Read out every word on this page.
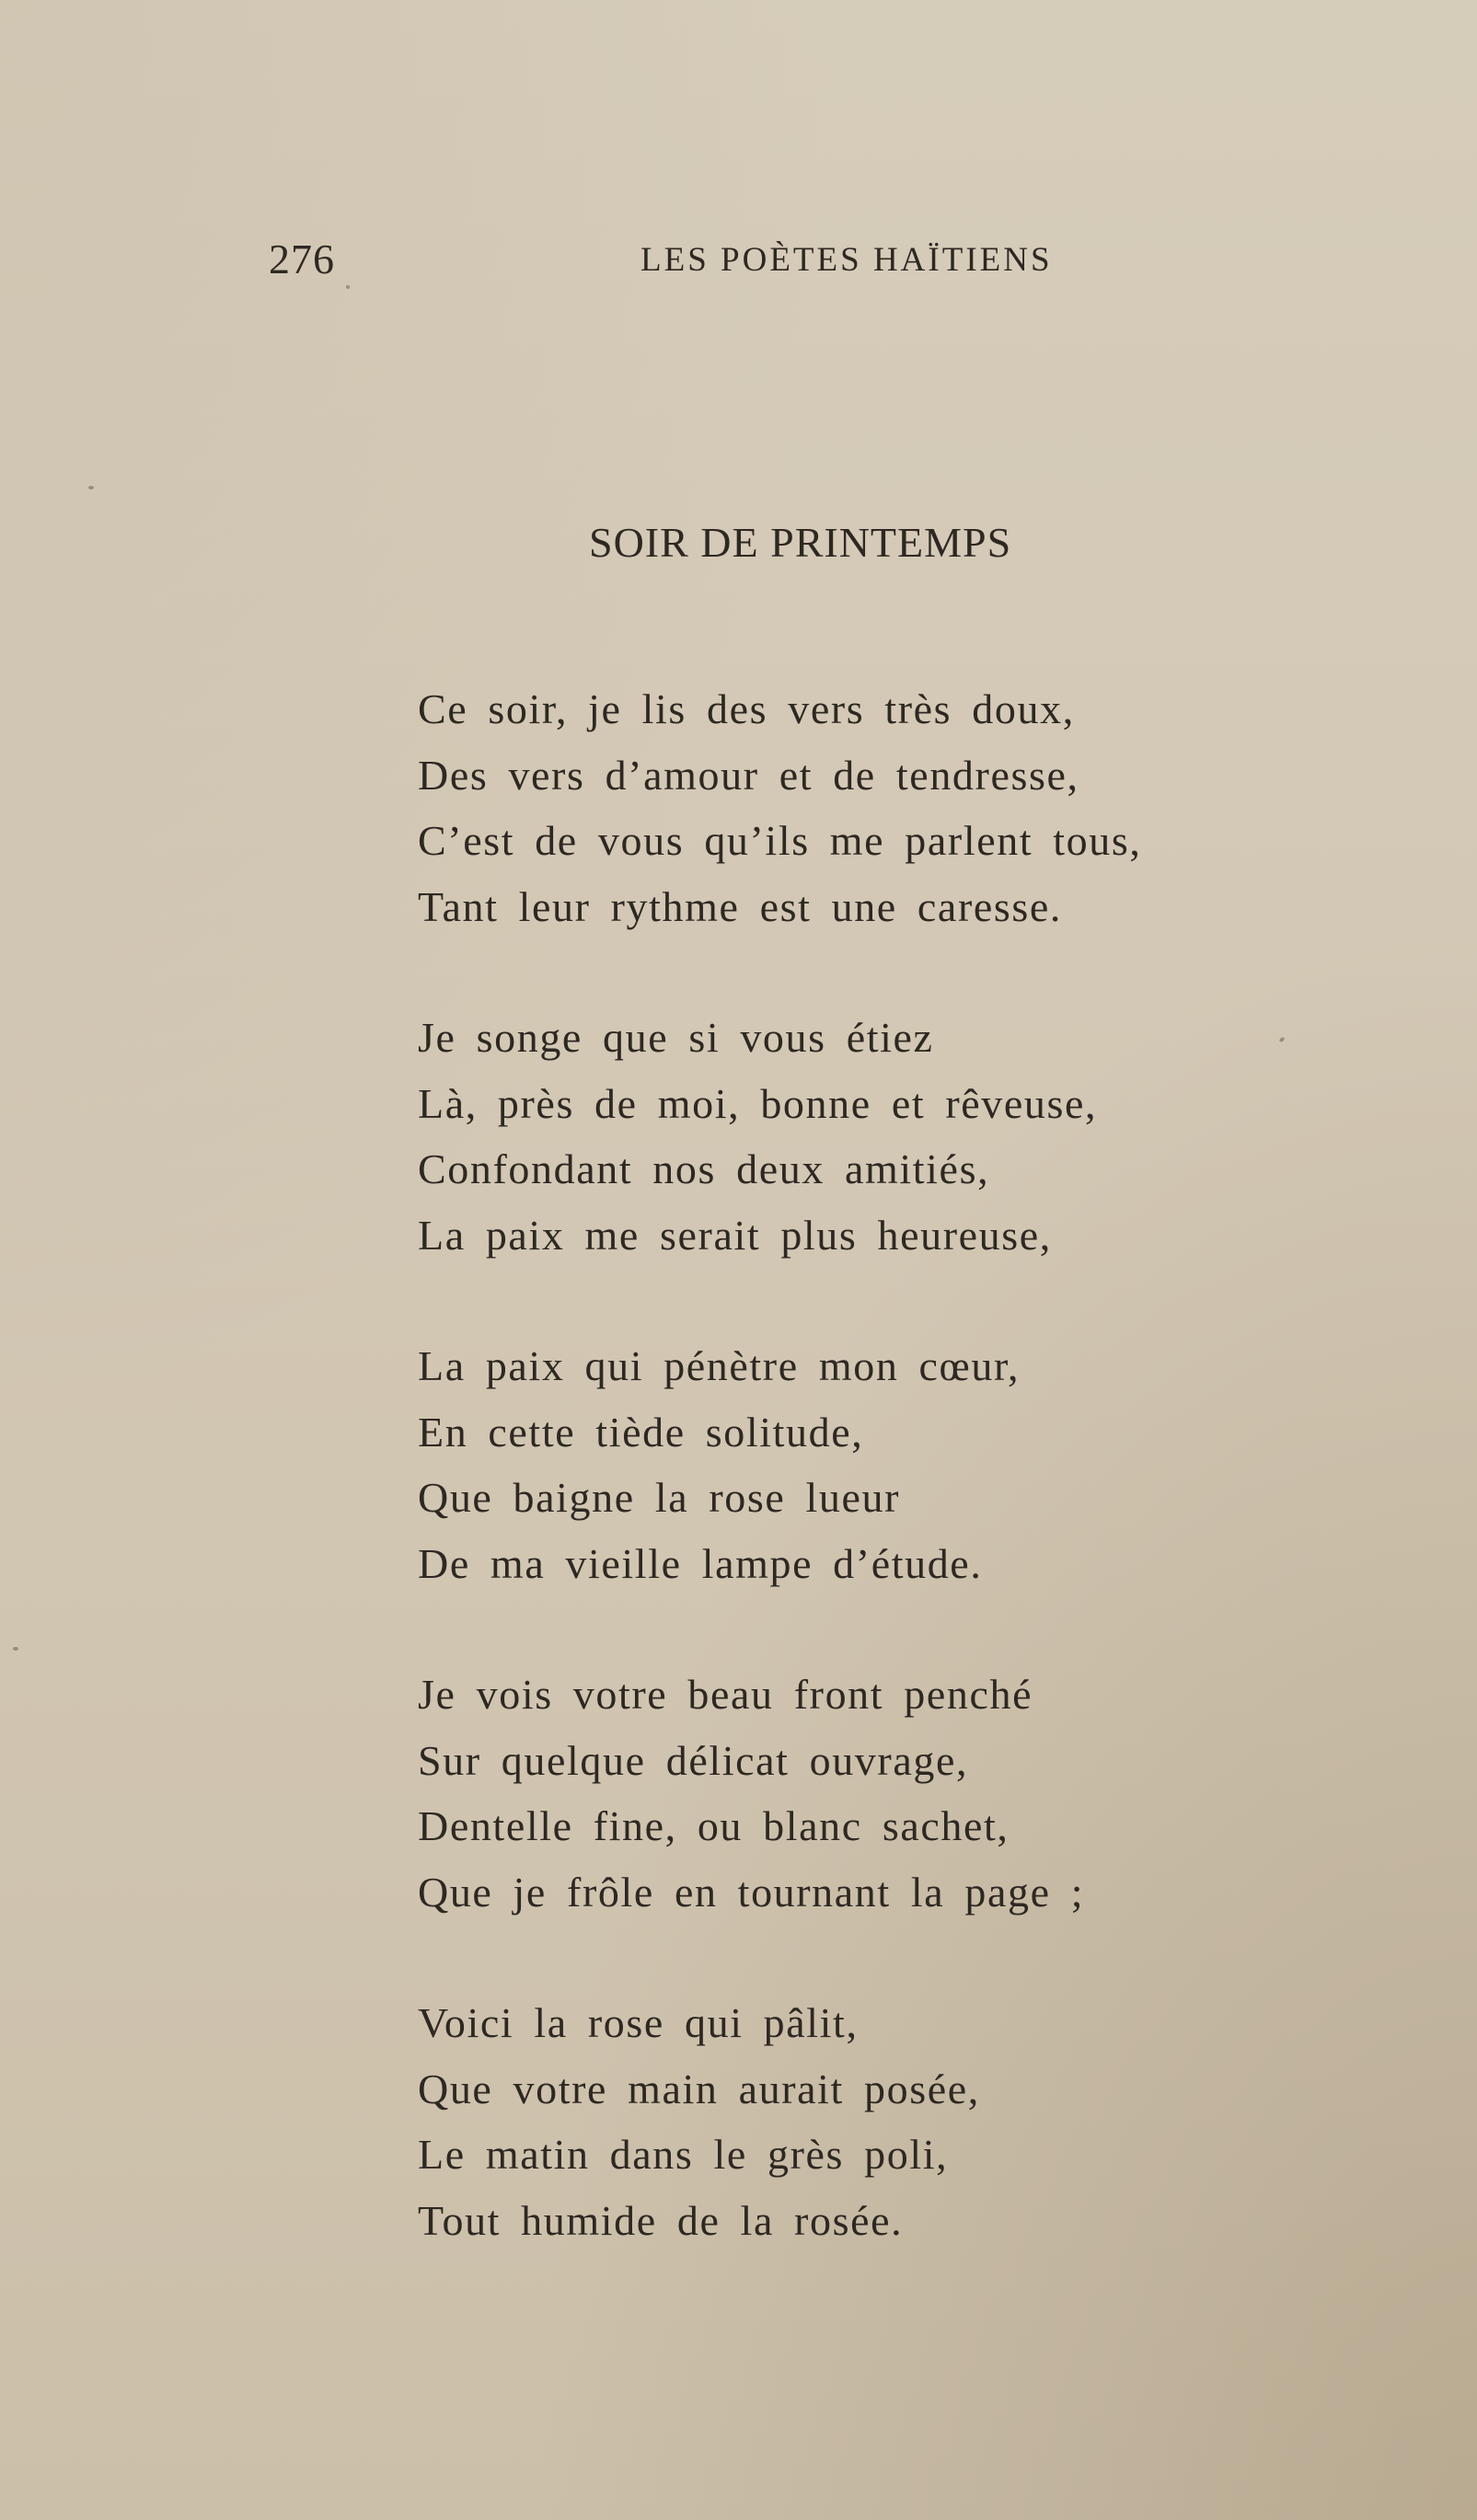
276	LES POÈTES HAÏTIENS
SOIR DE PRINTEMPS
Ce soir, je lis des vers très doux,
Des vers d’amour et de tendresse,
C’est de vous qu’ils me parlent tous,
Tant leur rythme est une caresse.
Je songe que si vous étiez
Là, près de moi, bonne et rêveuse,
Confondant nos deux amitiés,
La paix me serait plus heureuse,
La paix qui pénètre mon cœur,
En cette tiède solitude,
Que baigne la rose lueur
De ma vieille lampe d’étude.
Je vois votre beau front penché
Sur quelque délicat ouvrage,
Dentelle fine, ou blanc sachet,
Que je frôle en tournant la page ;
Voici la rose qui pâlit,
Que votre main aurait posée,
Le matin dans le grès poli,
Tout humide de la rosée.
